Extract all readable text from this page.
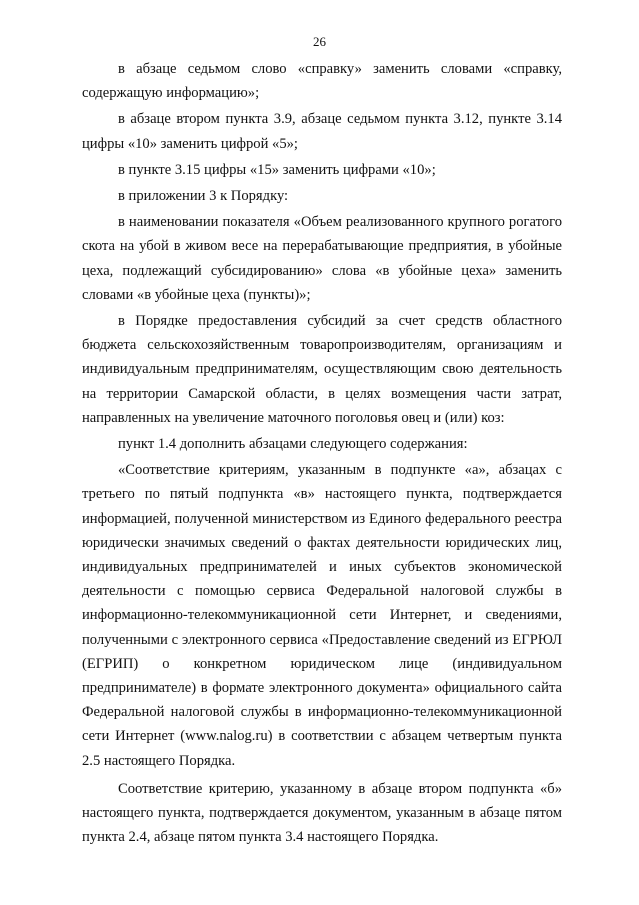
26

в абзаце седьмом слово «справку» заменить словами «справку, содержащую информацию»;

в абзаце втором пункта 3.9, абзаце седьмом пункта 3.12, пункте 3.14 цифры «10» заменить цифрой «5»;

в пункте 3.15 цифры «15» заменить цифрами «10»;

в приложении 3 к Порядку:

в наименовании показателя «Объем реализованного крупного рогатого скота на убой в живом весе на перерабатывающие предприятия, в убойные цеха, подлежащий субсидированию» слова «в убойные цеха» заменить словами «в убойные цеха (пункты)»;

в Порядке предоставления субсидий за счет средств областного бюджета сельскохозяйственным товаропроизводителям, организациям и индивидуальным предпринимателям, осуществляющим свою деятельность на территории Самарской области, в целях возмещения части затрат, направленных на увеличение маточного поголовья овец и (или) коз:

пункт 1.4 дополнить абзацами следующего содержания:

«Соответствие критериям, указанным в подпункте «а», абзацах с третьего по пятый подпункта «в» настоящего пункта, подтверждается информацией, полученной министерством из Единого федерального реестра юридически значимых сведений о фактах деятельности юридических лиц, индивидуальных предпринимателей и иных субъектов экономической деятельности с помощью сервиса Федеральной налоговой службы в информационно-телекоммуникационной сети Интернет, и сведениями, полученными с электронного сервиса «Предоставление сведений из ЕГРЮЛ (ЕГРИП) о конкретном юридическом лице (индивидуальном предпринимателе) в формате электронного документа» официального сайта Федеральной налоговой службы в информационно-телекоммуникационной сети Интернет (www.nalog.ru) в соответствии с абзацем четвертым пункта 2.5 настоящего Порядка.

Соответствие критерию, указанному в абзаце втором подпункта «б» настоящего пункта, подтверждается документом, указанным в абзаце пятом пункта 2.4, абзаце пятом пункта 3.4 настоящего Порядка.
